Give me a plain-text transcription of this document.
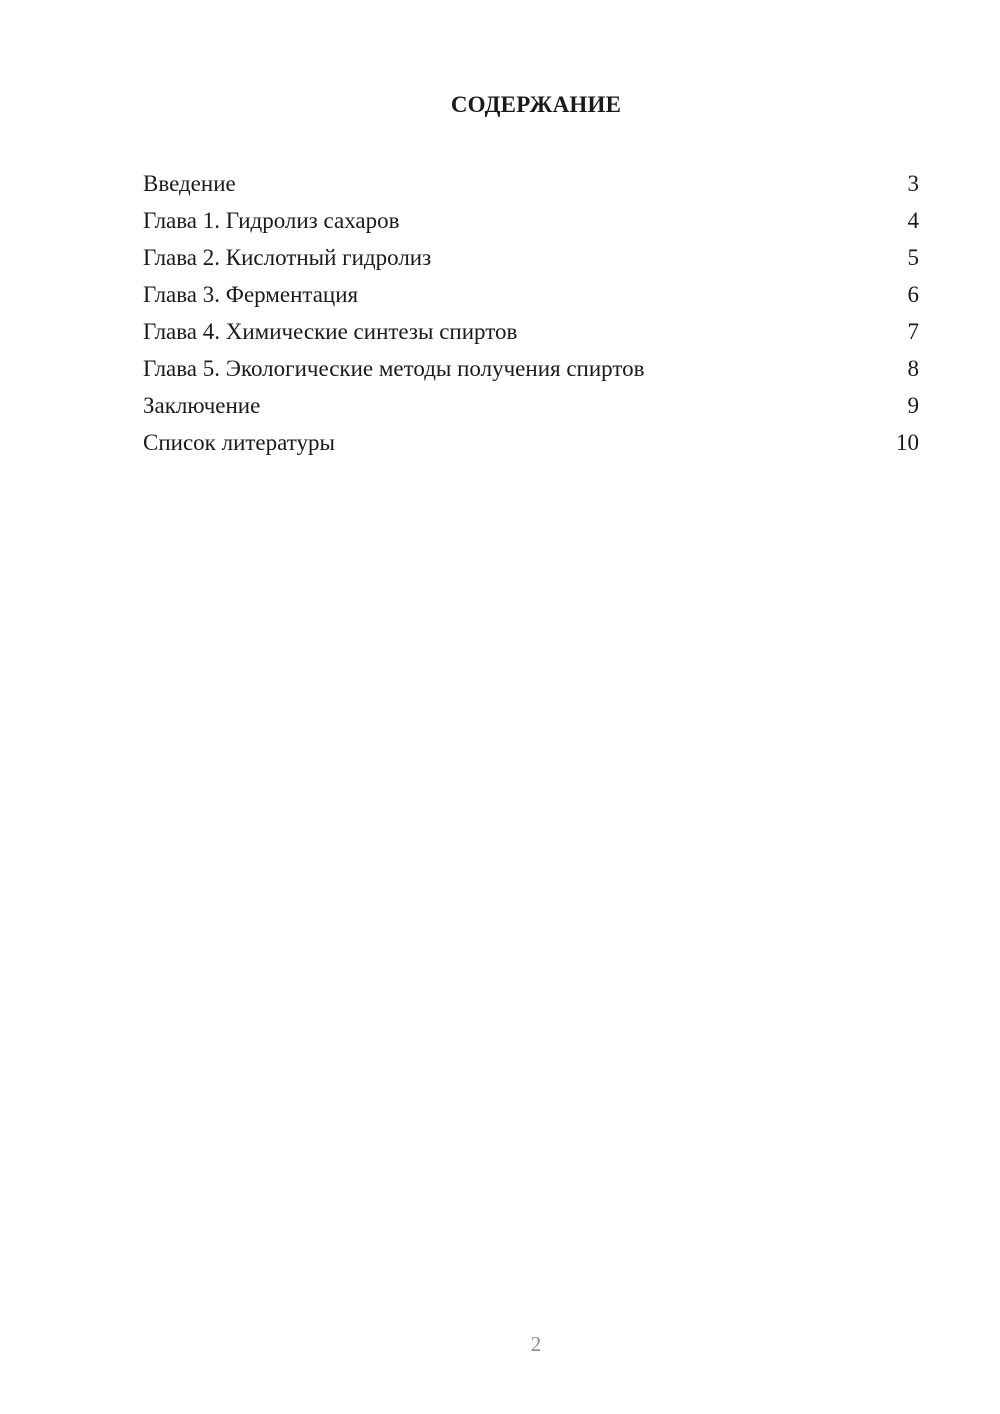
СОДЕРЖАНИЕ
Введение	3
Глава 1. Гидролиз сахаров	4
Глава 2. Кислотный гидролиз	5
Глава 3. Ферментация	6
Глава 4. Химические синтезы спиртов	7
Глава 5. Экологические методы получения спиртов	8
Заключение	9
Список литературы	10
2
